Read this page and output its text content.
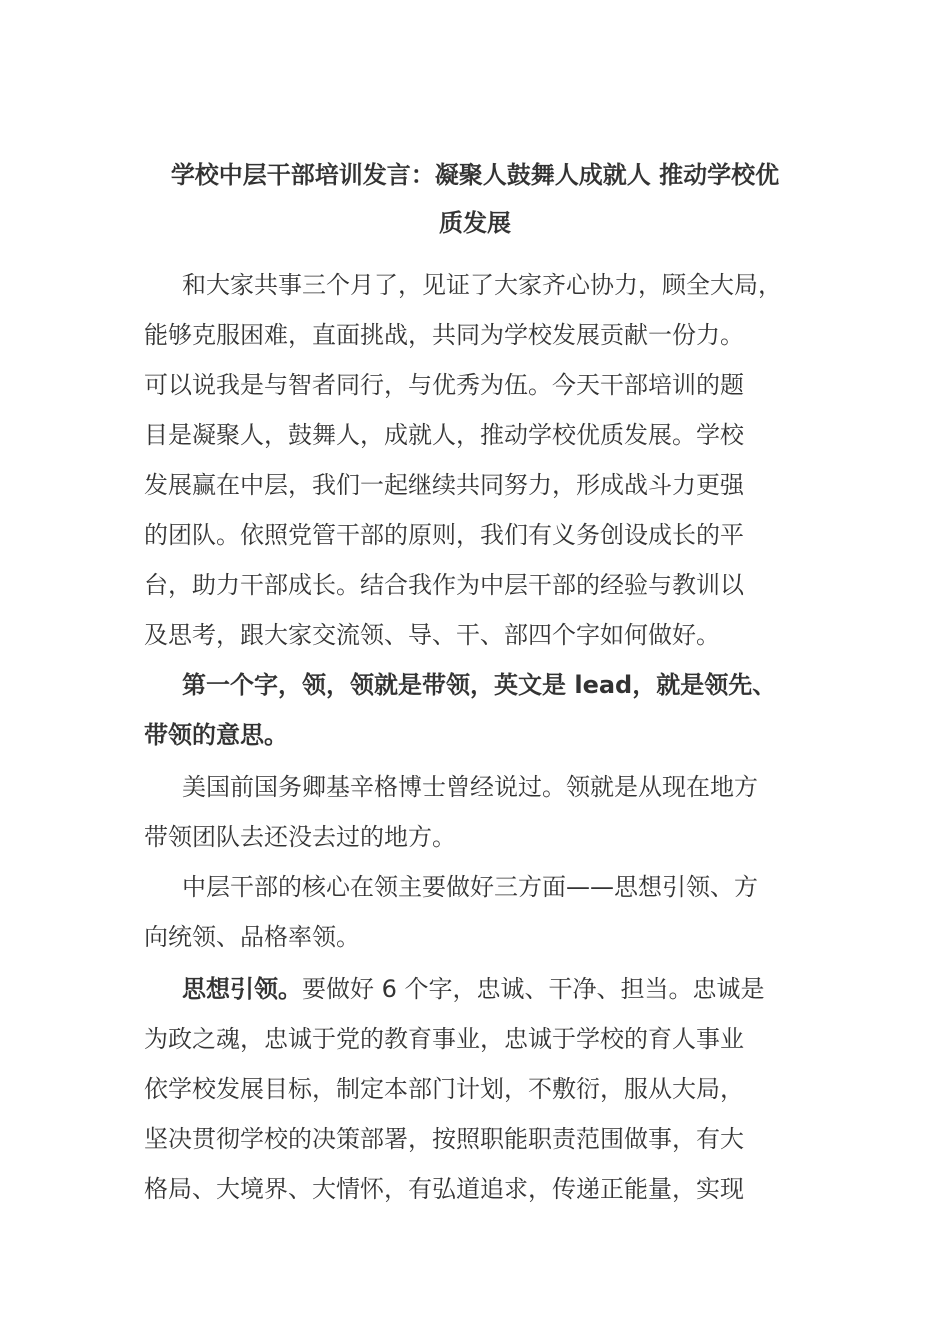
学校中层干部培训发言：凝聚人鼓舞人成就人 推动学校优
质发展
和大家共事三个月了，见证了大家齐心协力，顾全大局，
能够克服困难，直面挑战，共同为学校发展贡献一份力。
可以说我是与智者同行，与优秀为伍。今天干部培训的题
目是凝聚人，鼓舞人，成就人，推动学校优质发展。学校
发展赢在中层，我们一起继续共同努力，形成战斗力更强
的团队。依照党管干部的原则，我们有义务创设成长的平
台，助力干部成长。结合我作为中层干部的经验与教训以
及思考，跟大家交流领、导、干、部四个字如何做好。
第一个字，领，领就是带领，英文是 lead，就是领先、
带领的意思。
美国前国务卿基辛格博士曾经说过。领就是从现在地方
带领团队去还没去过的地方。
中层干部的核心在领主要做好三方面——思想引领、方
向统领、品格率领。
思想引领。要做好 6 个字，忠诚、干净、担当。忠诚是
为政之魂，忠诚于党的教育事业，忠诚于学校的育人事业
依学校发展目标，制定本部门计划，不敷衍，服从大局，
坚决贯彻学校的决策部署，按照职能职责范围做事，有大
格局、大境界、大情怀，有弘道追求，传递正能量，实现
